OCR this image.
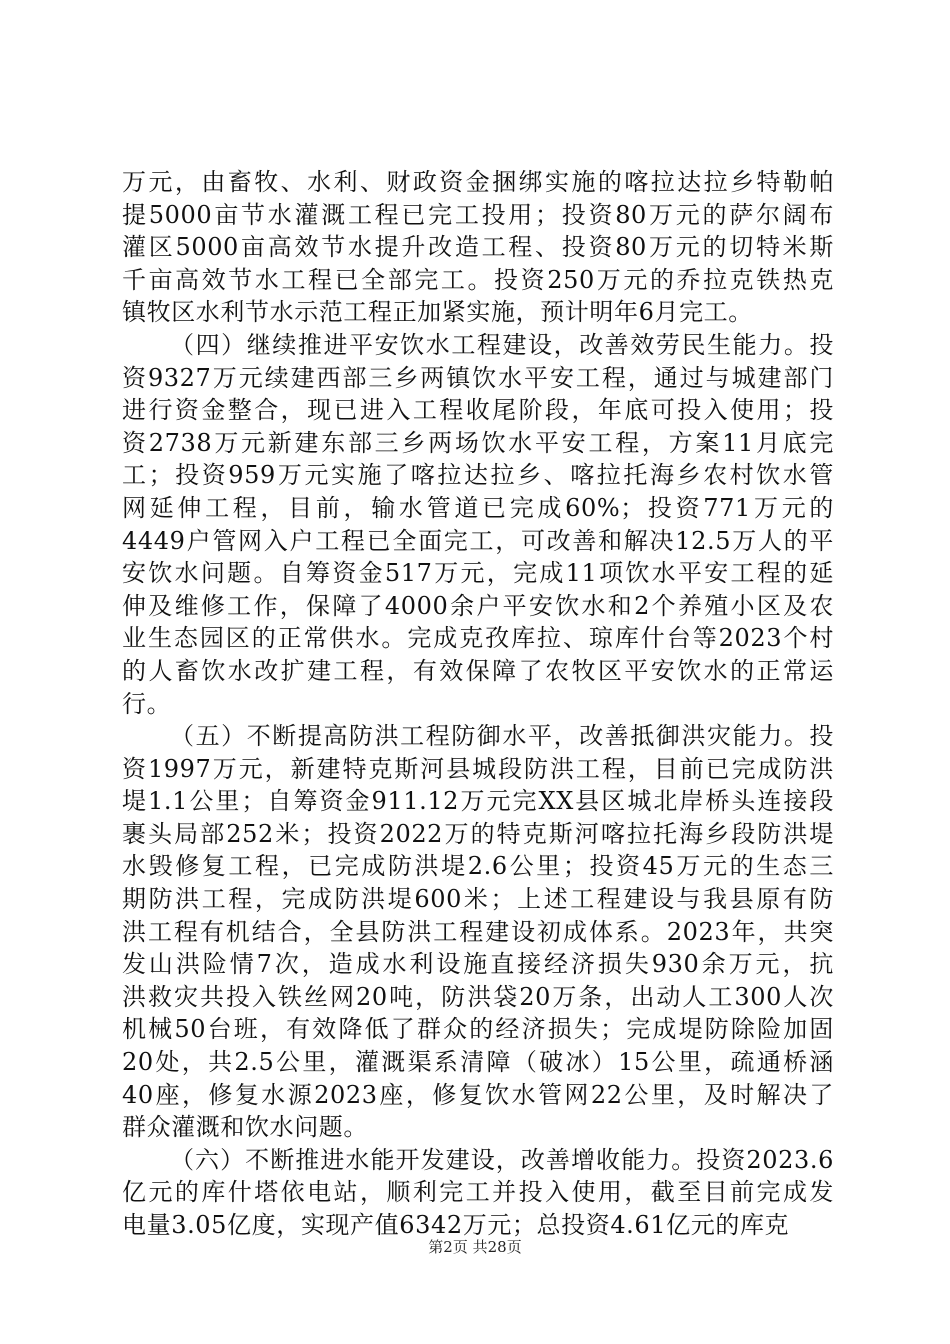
万元，由畜牧、水利、财政资金捆绑实施的喀拉达拉乡特勒帕
提5000亩节水灌溉工程已完工投用；投资80万元的萨尔阔布
灌区5000亩高效节水提升改造工程、投资80万元的切特米斯
千亩高效节水工程已全部完工。投资250万元的乔拉克铁热克
镇牧区水利节水示范工程正加紧实施，预计明年6月完工。
（四）继续推进平安饮水工程建设，改善效劳民生能力。投
资9327万元续建西部三乡两镇饮水平安工程，通过与城建部门
进行资金整合，现已进入工程收尾阶段，年底可投入使用；投
资2738万元新建东部三乡两场饮水平安工程，方案11月底完
工；投资959万元实施了喀拉达拉乡、喀拉托海乡农村饮水管
网延伸工程，目前，输水管道已完成60%；投资771万元的
4449户管网入户工程已全面完工，可改善和解决12.5万人的平
安饮水问题。自筹资金517万元，完成11项饮水平安工程的延
伸及维修工作，保障了4000余户平安饮水和2个养殖小区及农
业生态园区的正常供水。完成克孜库拉、琼库什台等2023个村
的人畜饮水改扩建工程，有效保障了农牧区平安饮水的正常运
行。
（五）不断提高防洪工程防御水平，改善抵御洪灾能力。投
资1997万元，新建特克斯河县城段防洪工程，目前已完成防洪
堤1.1公里；自筹资金911.12万元完XX县区城北岸桥头连接段
裹头局部252米；投资2022万的特克斯河喀拉托海乡段防洪堤
水毁修复工程，已完成防洪堤2.6公里；投资45万元的生态三
期防洪工程，完成防洪堤600米；上述工程建设与我县原有防
洪工程有机结合，全县防洪工程建设初成体系。2023年，共突
发山洪险情7次，造成水利设施直接经济损失930余万元，抗
洪救灾共投入铁丝网20吨，防洪袋20万条，出动人工300人次
机械50台班，有效降低了群众的经济损失；完成堤防除险加固
20处，共2.5公里，灌溉渠系清障（破冰）15公里，疏通桥涵
40座，修复水源2023座，修复饮水管网22公里，及时解决了
群众灌溉和饮水问题。
（六）不断推进水能开发建设，改善增收能力。投资2023.6
亿元的库什塔依电站，顺利完工并投入使用，截至目前完成发
电量3.05亿度，实现产值6342万元；总投资4.61亿元的库克
第2页 共28页
